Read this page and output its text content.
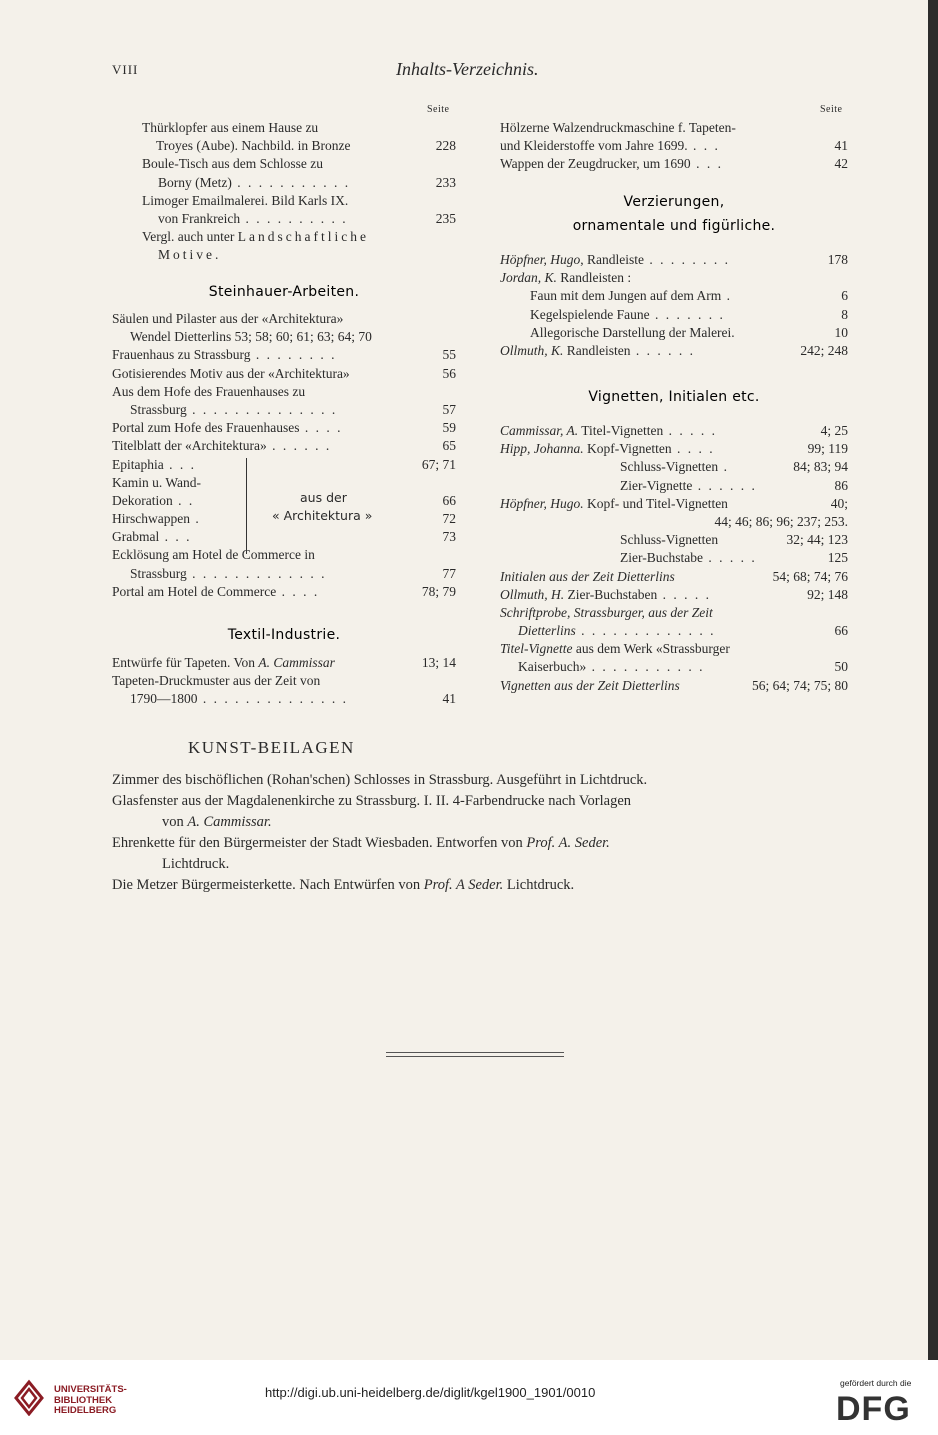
VIII	Inhalts-Verzeichnis.
Seite	Seite
Thürklopfer aus einem Hause zu
Troyes (Aube). Nachbild. in Bronze	228
Boule-Tisch aus dem Schlosse zu
Borny (Metz) . . . . . . . . . . .	233
Limoger Emailmalerei. Bild Karls IX.
von Frankreich . . . . . . . . . .	235
Vergl. auch unter Landschaftliche
Motive.
Steinhauer-Arbeiten.
Säulen und Pilaster aus der «Architektura»
Wendel Dietterlins 53; 58; 60; 61; 63; 64; 70
Frauenhaus zu Strassburg . . . . . . . .	55
Gotisierendes Motiv aus der «Architektura»	56
Aus dem Hofe des Frauenhauses zu
Strassburg . . . . . . . . . . . . . .	57
Portal zum Hofe des Frauenhauses . . . .	59
Titelblatt der «Architektura» . . . . . .	65
Epitaphia . . .	67; 71
Kamin u. Wand-
Dekoration . .	66
Hirschwappen .	72
Grabmal . . .	73
Ecklösung am Hotel de Commerce in
Strassburg . . . . . . . . . . . . .	77
Portal am Hotel de Commerce . . . .	78; 79
aus der
« Architektura »
Textil-Industrie.
Entwürfe für Tapeten. Von A. Cammissar	13; 14
Tapeten-Druckmuster aus der Zeit von
1790—1800 . . . . . . . . . . . . . .	41
Hölzerne Walzendruckmaschine f. Tapeten-
und Kleiderstoffe vom Jahre 1699. . . .	41
Wappen der Zeugdrucker, um 1690 . . .	42
Verzierungen,
ornamentale und figürliche.
Höpfner, Hugo, Randleiste . . . . . . . .	178
Jordan, K. Randleisten :
Faun mit dem Jungen auf dem Arm .	6
Kegelspielende Faune . . . . . . .	8
Allegorische Darstellung der Malerei.	10
Ollmuth, K. Randleisten . . . . . .	242; 248
Vignetten, Initialen etc.
Cammissar, A. Titel-Vignetten . . . . .	4; 25
Hipp, Johanna. Kopf-Vignetten . . . .	99; 119
Schluss-Vignetten .	84; 83; 94
Zier-Vignette . . . . . .	86
Höpfner, Hugo. Kopf- und Titel-Vignetten	40;
44; 46; 86; 96; 237; 253.
Schluss-Vignetten	32; 44; 123
Zier-Buchstabe . . . . .	125
Initialen aus der Zeit Dietterlins	54; 68; 74; 76
Ollmuth, H. Zier-Buchstaben . . . . .	92; 148
Schriftprobe, Strassburger, aus der Zeit
Dietterlins . . . . . . . . . . . . .	66
Titel-Vignette aus dem Werk «Strassburger
Kaiserbuch» . . . . . . . . . . .	50
Vignetten aus der Zeit Dietterlins	56; 64; 74; 75; 80
KUNST-BEILAGEN
Zimmer des bischöflichen (Rohan'schen) Schlosses in Strassburg. Ausgeführt in Lichtdruck.
Glasfenster aus der Magdalenenkirche zu Strassburg. I. II. 4-Farbendrucke nach Vorlagen
von A. Cammissar.
Ehrenkette für den Bürgermeister der Stadt Wiesbaden. Entworfen von Prof. A. Seder.
Lichtdruck.
Die Metzer Bürgermeisterkette. Nach Entwürfen von Prof. A Seder. Lichtdruck.
UNIVERSITÄTS-
BIBLIOTHEK
HEIDELBERG
http://digi.ub.uni-heidelberg.de/diglit/kgel1900_1901/0010
gefördert durch die
DFG
